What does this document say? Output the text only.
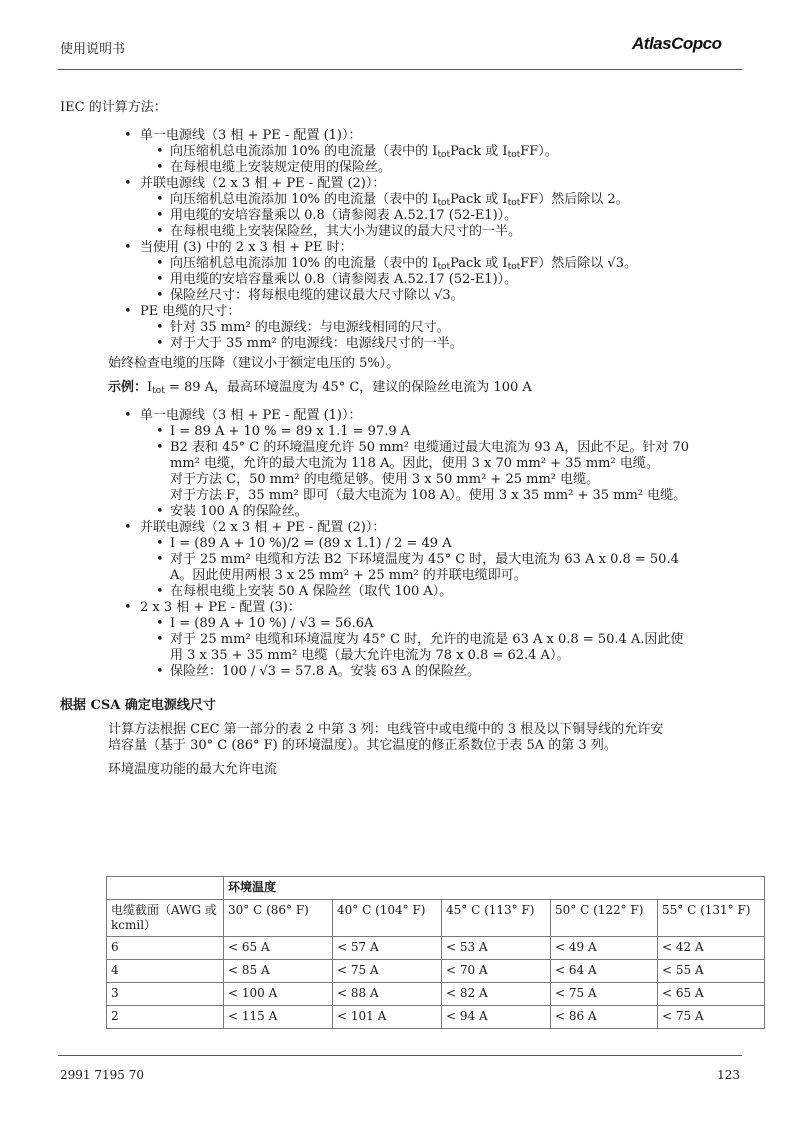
使用说明书	AtlasCopco
IEC 的计算方法：
• 单一电源线（3 相 + PE - 配置 (1)）：
• 向压缩机总电流添加 10% 的电流量（表中的 $I_{tot}Pack$ 或 $I_{tot}FF$）。
• 在每根电缆上安装规定使用的保险丝。
• 并联电源线（2 x 3 相 + PE - 配置 (2)）：
• 向压缩机总电流添加 10% 的电流量（表中的 $I_{tot}Pack$ 或 $I_{tot}FF$）然后除以 2。
• 用电缆的安培容量乘以 0.8（请参阅表 A.52.17 (52-E1)）。
• 在每根电缆上安装保险丝，其大小为建议的最大尺寸的一半。
• 当使用 (3) 中的 2 x 3 相 + PE 时：
• 向压缩机总电流添加 10% 的电流量（表中的 $I_{tot}Pack$ 或 $I_{tot}FF$）然后除以 √3。
• 用电缆的安培容量乘以 0.8（请参阅表 A.52.17 (52-E1)）。
• 保险丝尺寸：将每根电缆的建议最大尺寸除以 √3。
• PE 电缆的尺寸：
• 针对 35 mm² 的电源线：与电源线相同的尺寸。
• 对于大于 35 mm² 的电源线：电源线尺寸的一半。
始终检查电缆的压降（建议小于额定电压的 5%）。
示例：$I_{tot} = 89$ A，最高环境温度为 45° C，建议的保险丝电流为 100 A
• 单一电源线（3 相 + PE - 配置 (1)）：
• I = 89 A + 10 % = 89 x 1.1 = 97.9 A
• B2 表和 45° C 的环境温度允许 50 mm² 电缆通过最大电流为 93 A，因此不足。针对 70
mm² 电缆，允许的最大电流为 118 A。因此，使用 3 x 70 mm² + 35 mm² 电缆。
对于方法 C，50 mm² 的电缆足够。使用 3 x 50 mm² + 25 mm² 电缆。
对于方法 F，35 mm² 即可（最大电流为 108 A）。使用 3 x 35 mm² + 35 mm² 电缆。
• 安装 100 A 的保险丝。
• 并联电源线（2 x 3 相 + PE - 配置 (2)）：
• I = (89 A + 10 %)/2 = (89 x 1.1) / 2 = 49 A
• 对于 25 mm² 电缆和方法 B2 下环境温度为 45° C 时，最大电流为 63 A x 0.8 = 50.4
A。因此使用两根 3 x 25 mm² + 25 mm² 的并联电缆即可。
• 在每根电缆上安装 50 A 保险丝（取代 100 A）。
• 2 x 3 相 + PE - 配置 (3)：
• I = (89 A + 10 %) / √3 = 56.6A
• 对于 25 mm² 电缆和环境温度为 45° C 时，允许的电流是 63 A x 0.8 = 50.4 A.因此使
用 3 x 35 + 35 mm² 电缆（最大允许电流为 78 x 0.8 = 62.4 A）。
• 保险丝：100 / √3 = 57.8 A。安装 63 A 的保险丝。
根据 CSA 确定电源线尺寸
计算方法根据 CEC 第一部分的表 2 中第 3 列：电线管中或电缆中的 3 根及以下铜导线的允许安
培容量（基于 30° C (86° F) 的环境温度）。其它温度的修正系数位于表 5A 的第 3 列。
环境温度功能的最大允许电流
	环境温度				
电缆截面（AWG 或 kcmil）	30° C (86° F)	40° C (104° F)	45° C (113° F)	50° C (122° F)	55° C (131° F)
6	< 65 A	< 57 A	< 53 A	< 49 A	< 42 A
4	< 85 A	< 75 A	< 70 A	< 64 A	< 55 A
3	< 100 A	< 88 A	< 82 A	< 75 A	< 65 A
2	< 115 A	< 101 A	< 94 A	< 86 A	< 75 A
2991 7195 70	123
